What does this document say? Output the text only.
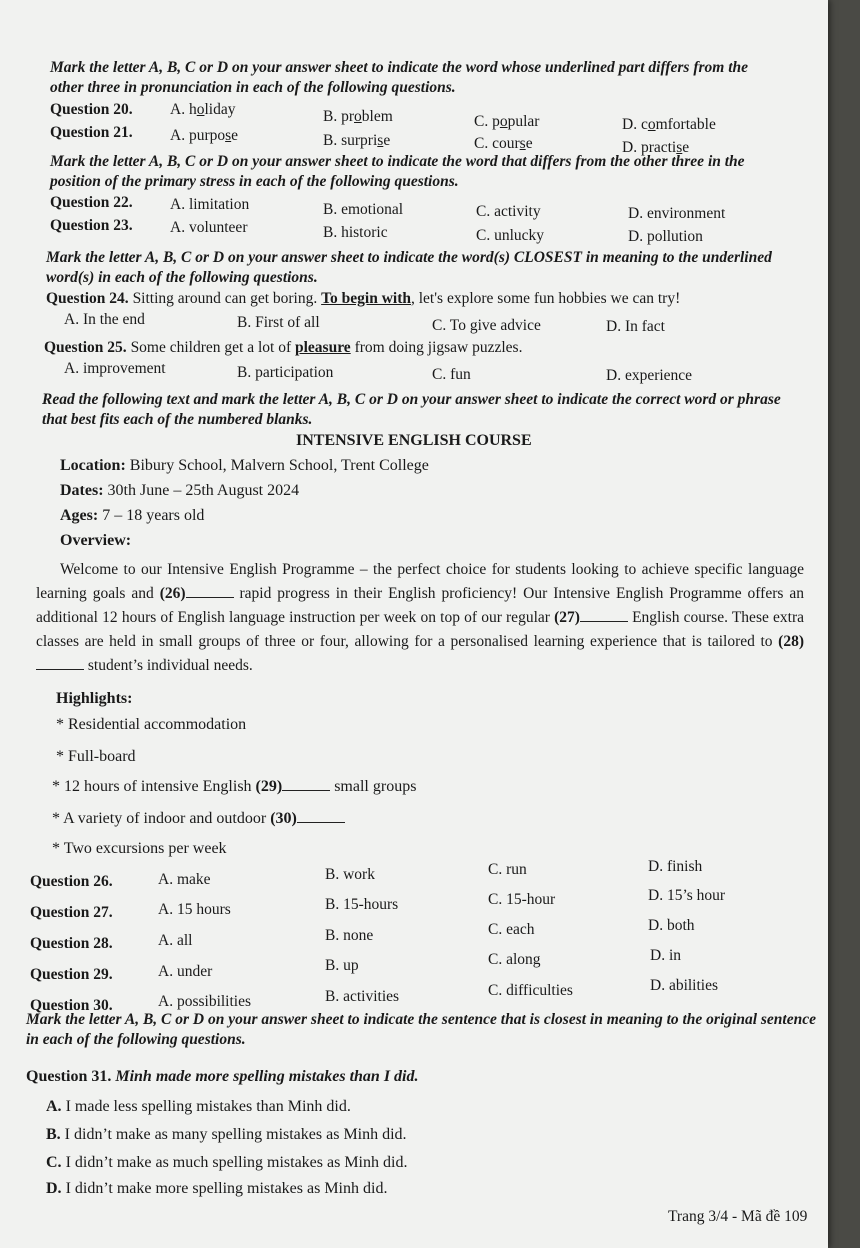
Mark the letter A, B, C or D on your answer sheet to indicate the word whose underlined part differs from the other three in pronunciation in each of the following questions.
Question 20. A. holiday	B. problem	C. popular	D. comfortable
Question 21. A. purpose	B. surprise	C. course	D. practise
Mark the letter A, B, C or D on your answer sheet to indicate the word that differs from the other three in the position of the primary stress in each of the following questions.
Question 22. A. limitation	B. emotional	C. activity	D. environment
Question 23. A. volunteer	B. historic	C. unlucky	D. pollution
Mark the letter A, B, C or D on your answer sheet to indicate the word(s) CLOSEST in meaning to the underlined word(s) in each of the following questions.
Question 24. Sitting around can get boring. To begin with, let's explore some fun hobbies we can try!
A. In the end	B. First of all	C. To give advice	D. In fact
Question 25. Some children get a lot of pleasure from doing jigsaw puzzles.
A. improvement	B. participation	C. fun	D. experience
Read the following text and mark the letter A, B, C or D on your answer sheet to indicate the correct word or phrase that best fits each of the numbered blanks.
INTENSIVE ENGLISH COURSE
Location: Bibury School, Malvern School, Trent College
Dates: 30th June – 25th August 2024
Ages: 7 – 18 years old
Overview:
Welcome to our Intensive English Programme – the perfect choice for students looking to achieve specific language learning goals and (26)	rapid progress in their English proficiency! Our Intensive English Programme offers an additional 12 hours of English language instruction per week on top of our regular (27)	English course. These extra classes are held in small groups of three or four, allowing for a personalised learning experience that is tailored to (28) student’s individual needs.
Highlights:
* Residential accommodation
* Full-board
* 12 hours of intensive English (29)	small groups
* A variety of indoor and outdoor (30)
* Two excursions per week
Question 26.	A. make	B. work	C. run	D. finish
Question 27.	A. 15 hours	B. 15-hours	C. 15-hour	D. 15’s hour
Question 28.	A. all	B. none	C. each	D. both
Question 29.	A. under	B. up	C. along	D. in
Question 30.	A. possibilities	B. activities	C. difficulties	D. abilities
Mark the letter A, B, C or D on your answer sheet to indicate the sentence that is closest in meaning to the original sentence in each of the following questions.
Question 31. Minh made more spelling mistakes than I did.
A. I made less spelling mistakes than Minh did.
B. I didn’t make as many spelling mistakes as Minh did.
C. I didn’t make as much spelling mistakes as Minh did.
D. I didn’t make more spelling mistakes as Minh did.
Trang 3/4 - Mã đề 109
